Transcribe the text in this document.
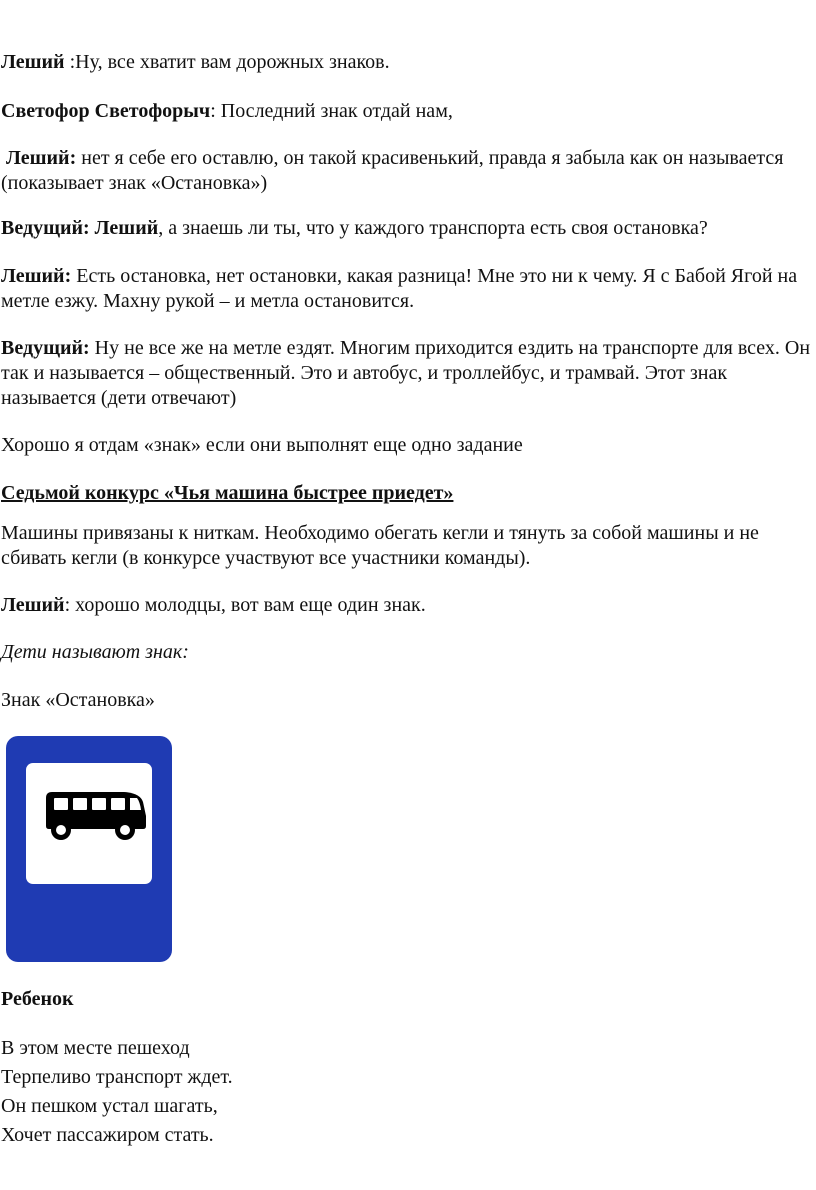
Леший :Ну, все хватит вам дорожных знаков.

Светофор Светофорыч: Последний знак отдай нам,

Леший: нет я себе его оставлю, он такой красивенький, правда я забыла как он называется (показывает знак «Остановка»)

Ведущий: Леший, а знаешь ли ты, что у каждого транспорта есть своя остановка?

Леший: Есть остановка, нет остановки, какая разница! Мне это ни к чему. Я с Бабой Ягой на метле езжу. Махну рукой – и метла остановится.

Ведущий: Ну не все же на метле ездят. Многим приходится ездить на транспорте для всех. Он так и называется – общественный. Это и автобус, и троллейбус, и трамвай. Этот знак называется (дети отвечают)

Хорошо я отдам «знак» если они выполнят еще одно задание

Седьмой конкурс «Чья машина быстрее приедет»

Машины привязаны к ниткам. Необходимо обегать кегли и тянуть за собой машины и не сбивать кегли (в конкурсе участвуют все участники команды).

Леший: хорошо молодцы, вот вам еще один знак.

Дети называют знак:

Знак «Остановка»

Ребенок

В этом месте пешеход

Терпеливо транспорт ждет.

Он пешком устал шагать,

Хочет пассажиром стать.
